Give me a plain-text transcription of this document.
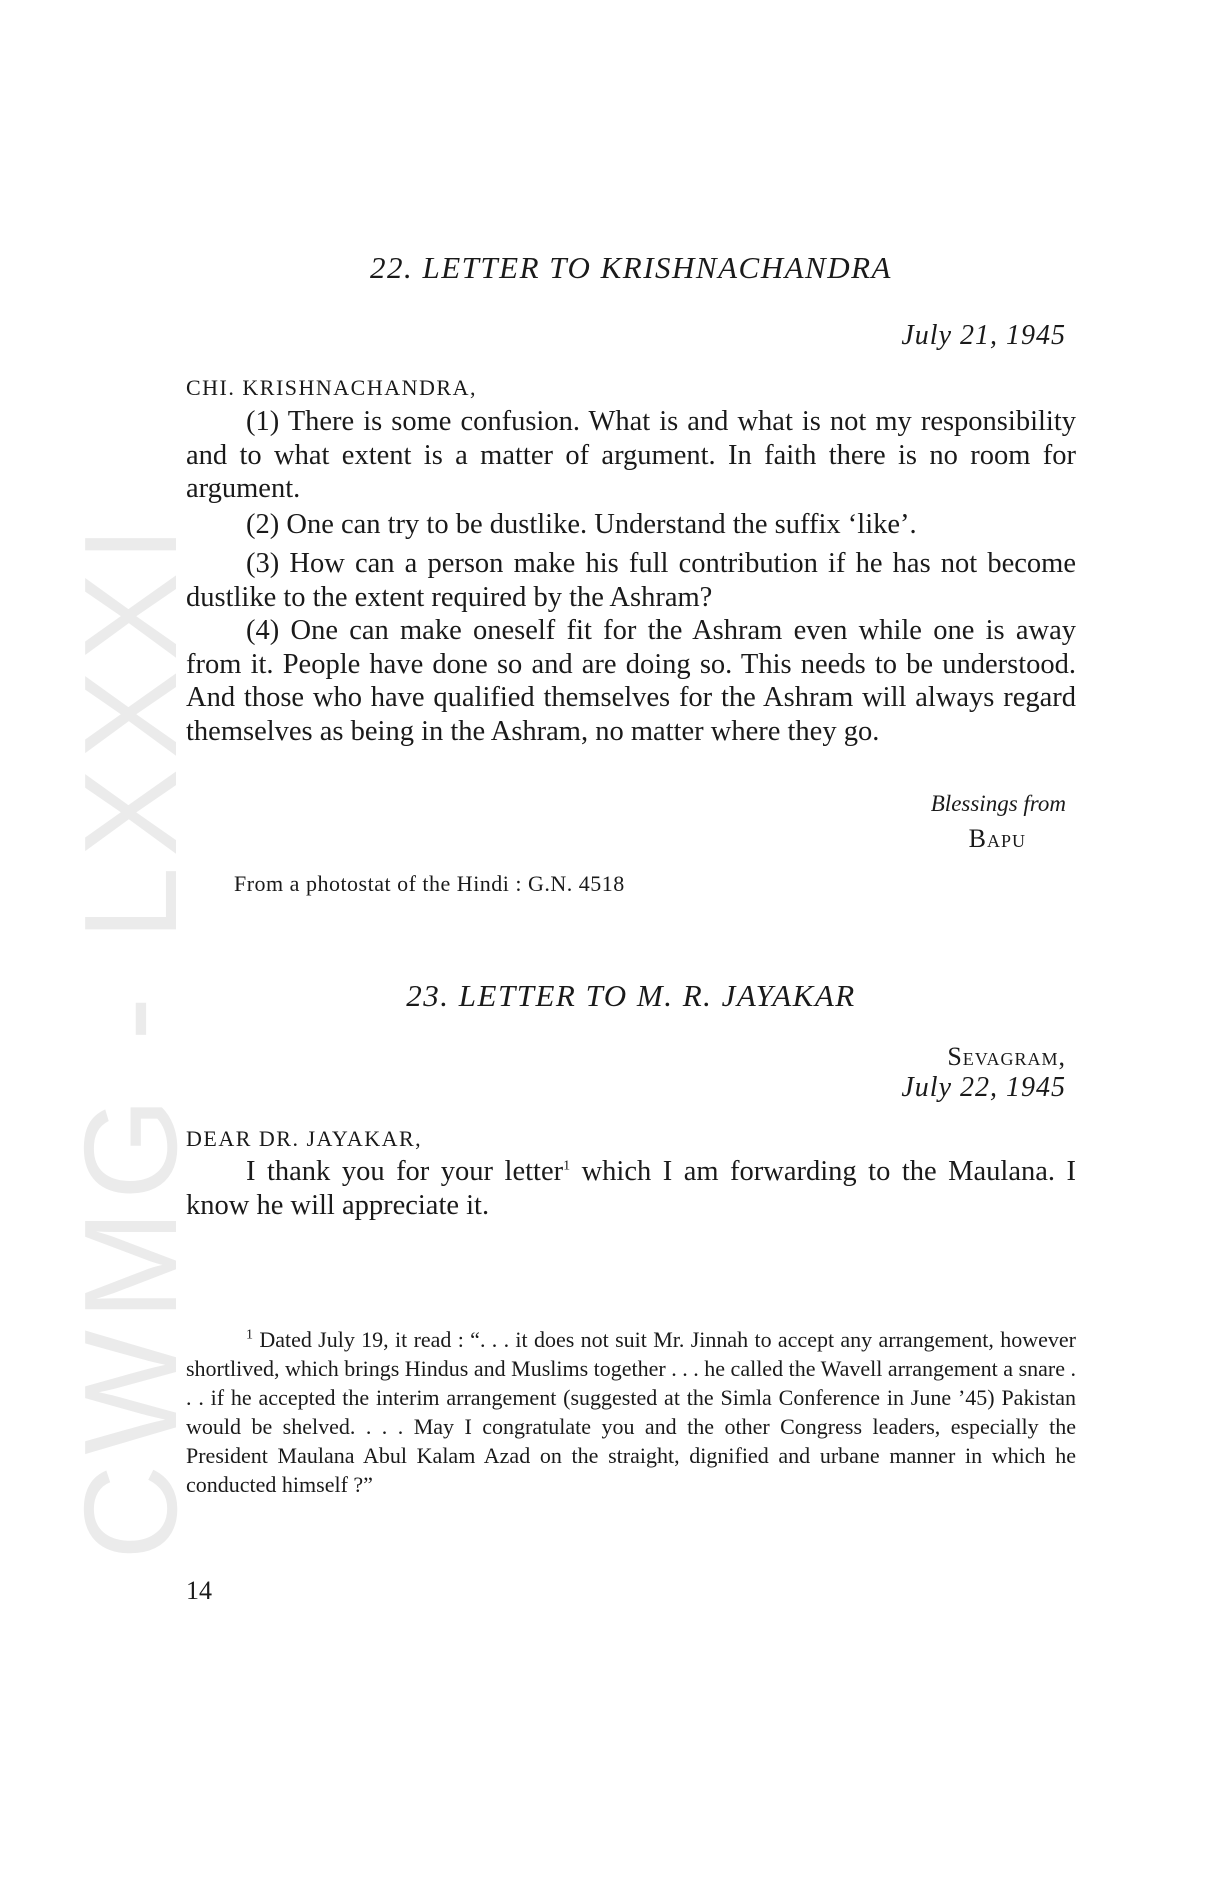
CWMG - LXXXI
22. LETTER TO KRISHNACHANDRA
July 21, 1945
CHI. KRISHNACHANDRA,

(1) There is some confusion. What is and what is not my responsibility and to what extent is a matter of argument. In faith there is no room for argument.

(2) One can try to be dustlike. Understand the suffix ‘like’.

(3) How can a person make his full contribution if he has not become dustlike to the extent required by the Ashram?

(4) One can make oneself fit for the Ashram even while one is away from it. People have done so and are doing so. This needs to be understood. And those who have qualified themselves for the Ashram will always regard themselves as being in the Ashram, no matter where they go.

Blessings from
Bapu
From a photostat of the Hindi : G.N. 4518
23. LETTER TO M. R. JAYAKAR
Sevagram,
July 22, 1945
DEAR DR. JAYAKAR,

I thank you for your letter$^1$ which I am forwarding to the Maulana. I know he will appreciate it.

$^1$ Dated July 19, it read : “. . . it does not suit Mr. Jinnah to accept any arrangement, however shortlived, which brings Hindus and Muslims together . . . he called the Wavell arrangement a snare . . . if he accepted the interim arrangement (suggested at the Simla Conference in June ’45) Pakistan would be shelved. . . . May I congratulate you and the other Congress leaders, especially the President Maulana Abul Kalam Azad on the straight, dignified and urbane manner in which he conducted himself ?”

14
